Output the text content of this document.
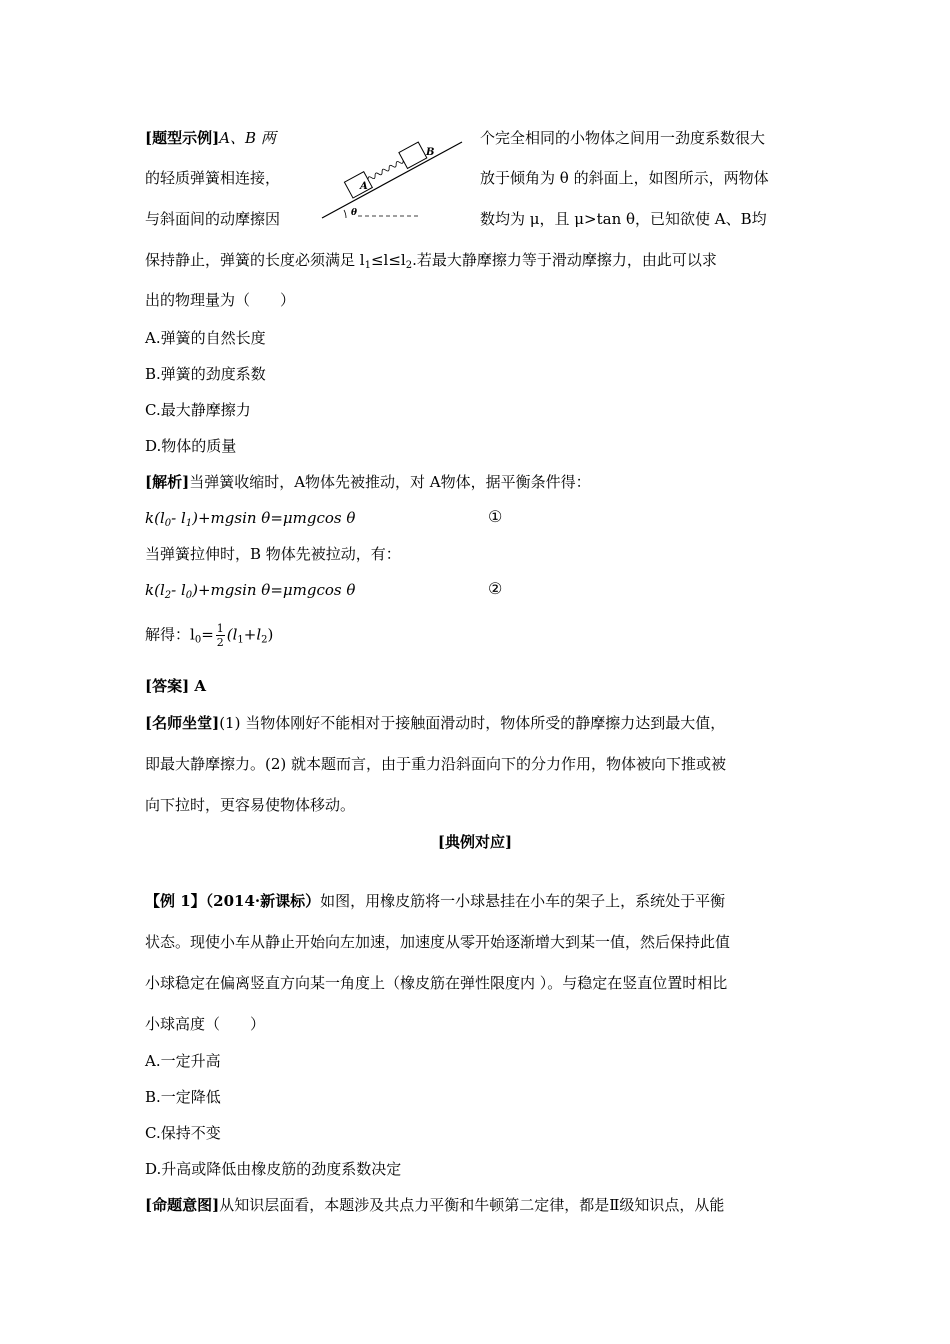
[题型示例]A、B 两	个完全相同的小物体之间用一劲度系数很大
的轻质弹簧相连接，	放于倾角为 θ 的斜面上，如图所示，两物体
与斜面间的动摩擦因	数均为 μ，且 μ>tan θ，已知欲使 A、B均
保持静止，弹簧的长度必须满足 $l_1\le l\le l_2$.若最大静摩擦力等于滑动摩擦力，由此可以求
出的物理量为（　　）
A.弹簧的自然长度
B.弹簧的劲度系数
C.最大静摩擦力
D.物体的质量
A
B
θ
[解析]当弹簧收缩时，A物体先被推动，对 A物体，据平衡条件得：
$k(l_0-$ $l_1)+mgsin$ θ=μmgcos θ	①
当弹簧拉伸时，B 物体先被拉动，有：
$k(l_2-$ $l_0)+mgsin$ θ=μmgcos θ	②
解得：$l_0= \frac{1}{2} (l_1+l_2)$
[答案] A
[名师坐堂](1) 当物体刚好不能相对于接触面滑动时，物体所受的静摩擦力达到最大值，
即最大静摩擦力。(2) 就本题而言，由于重力沿斜面向下的分力作用，物体被向下推或被
向下拉时，更容易使物体移动。
[典例对应]
【例 1】（2014·新课标）如图，用橡皮筋将一小球悬挂在小车的架子上，系统处于平衡
状态。现使小车从静止开始向左加速，加速度从零开始逐渐增大到某一值，然后保持此值
小球稳定在偏离竖直方向某一角度上（橡皮筋在弹性限度内 ）。与稳定在竖直位置时相比
小球高度（　　）
A.一定升高
B.一定降低
C.保持不变
D.升高或降低由橡皮筋的劲度系数决定
[命题意图]从知识层面看，本题涉及共点力平衡和牛顿第二定律，都是Ⅱ级知识点，从能
